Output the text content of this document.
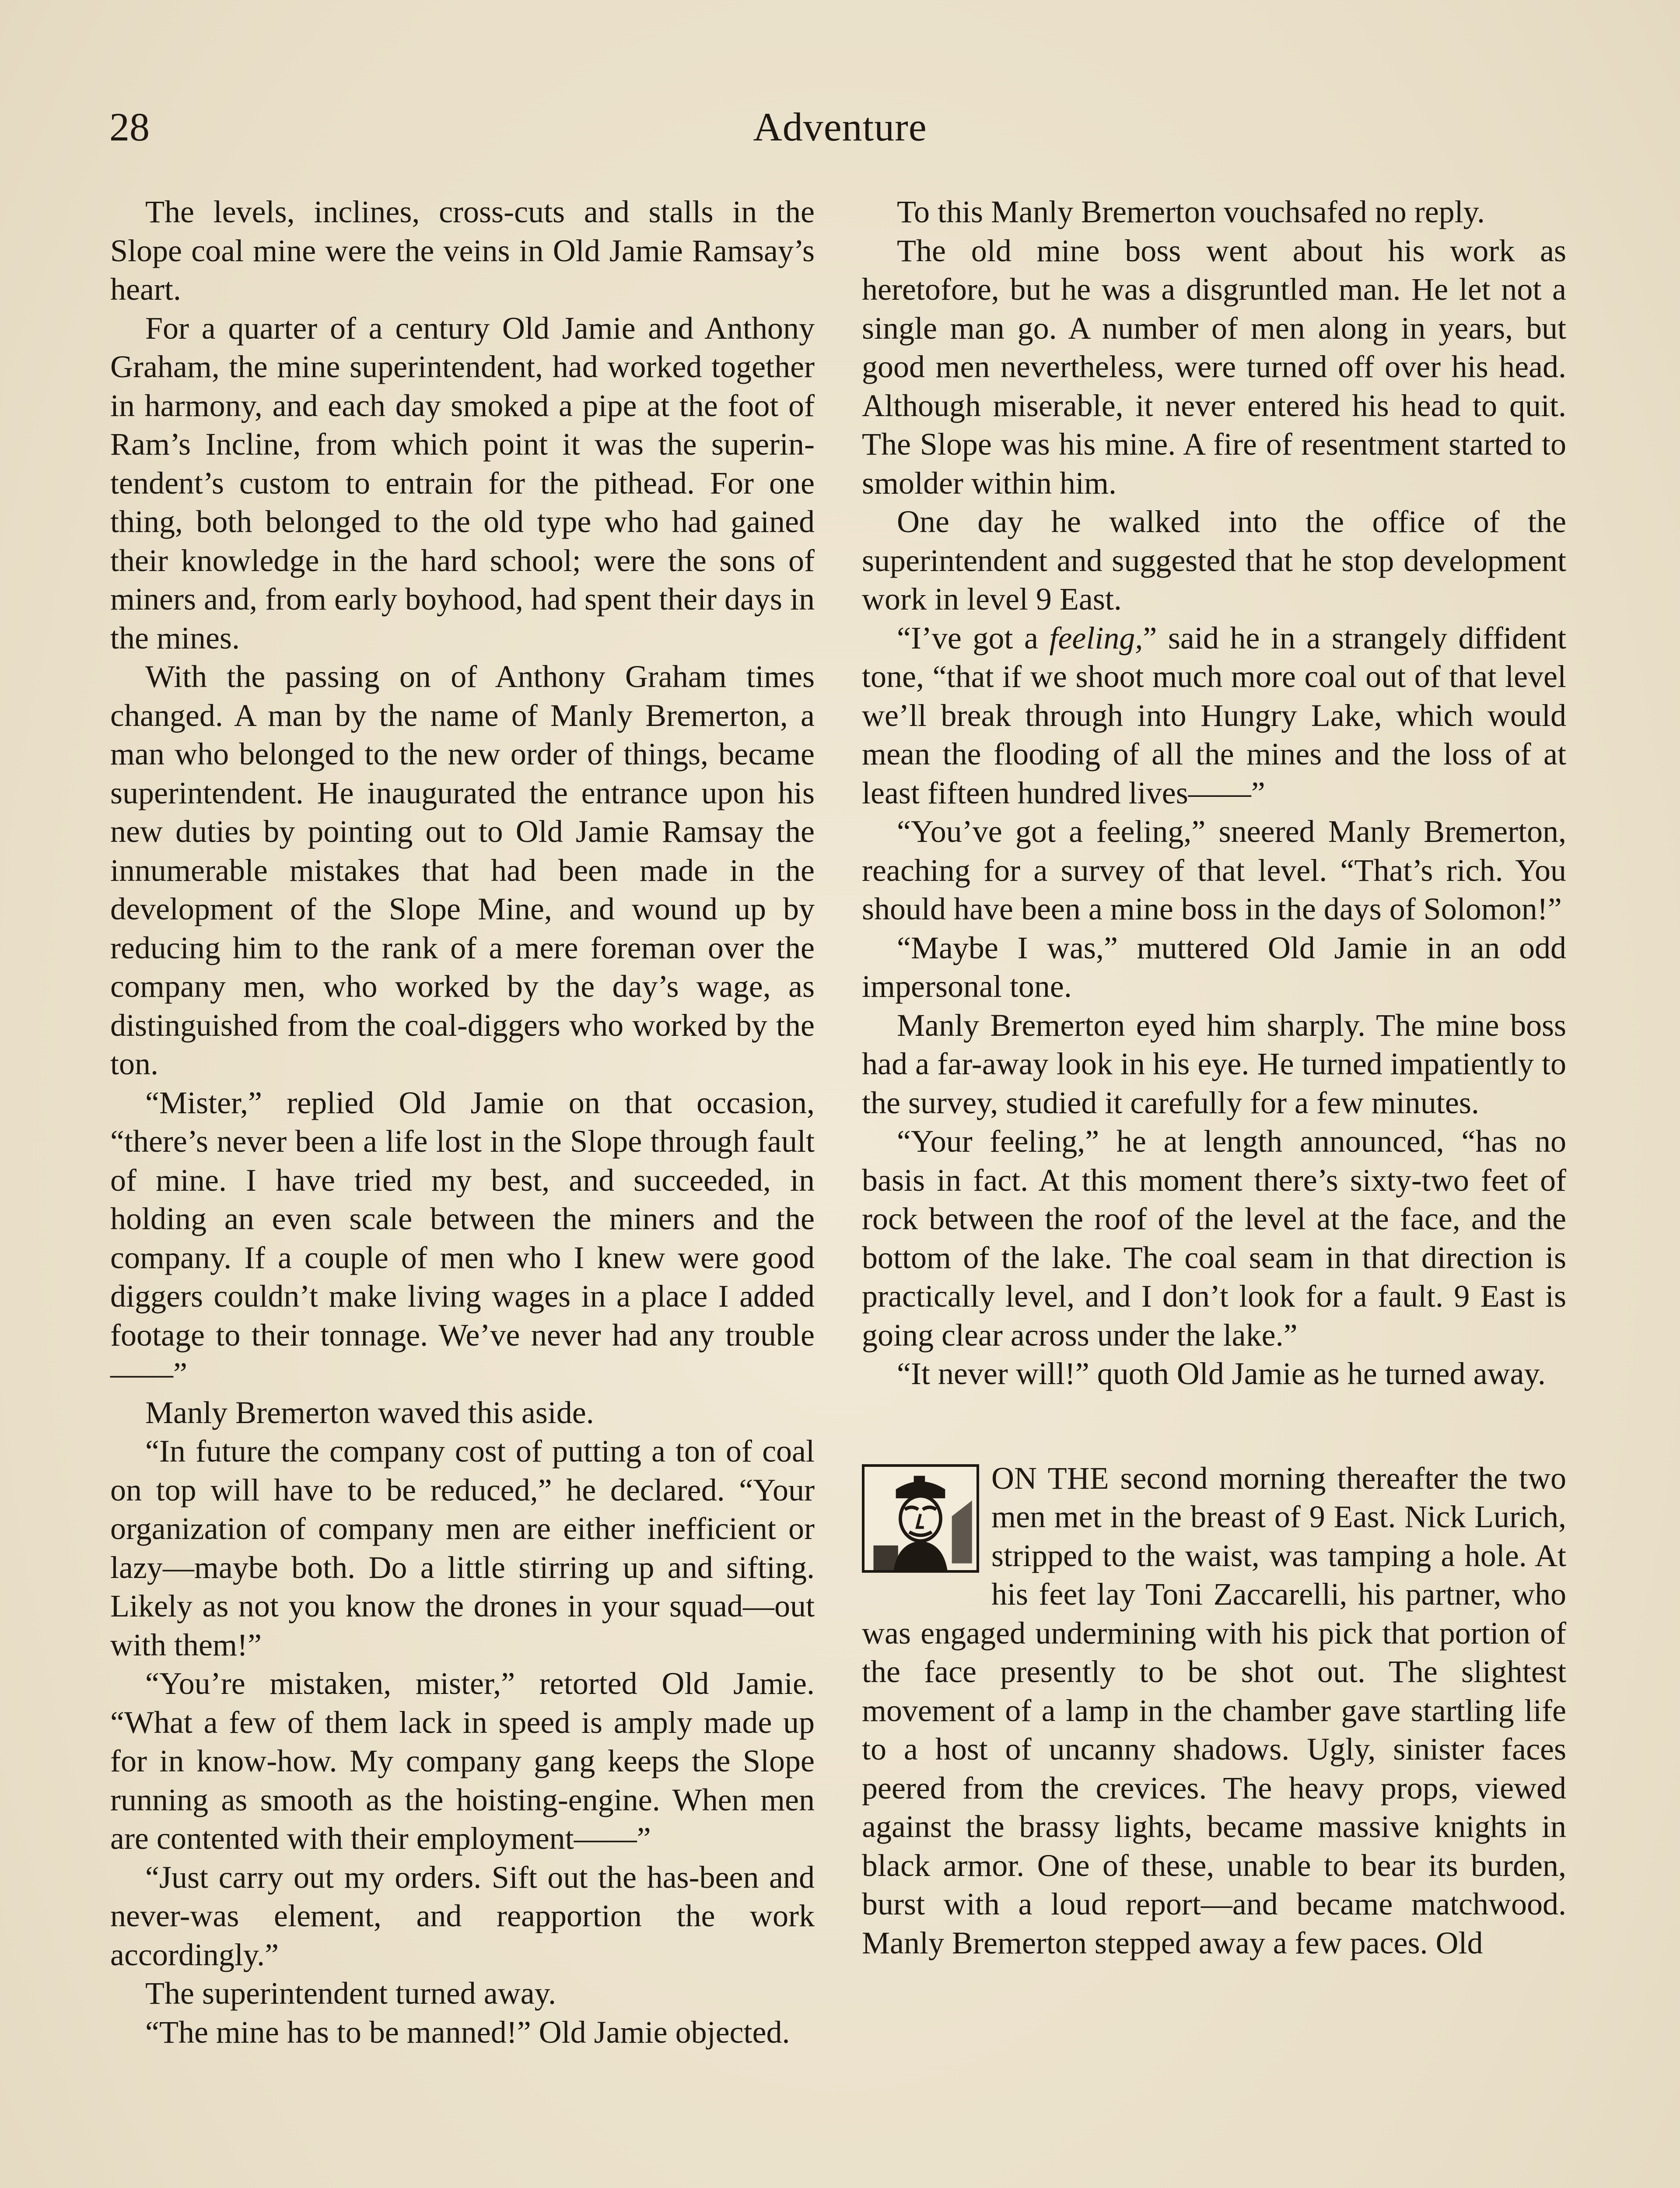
28	Adventure

The levels, inclines, cross-cuts and stalls in the Slope coal mine were the veins in Old Jamie Ramsay’s heart.

For a quarter of a century Old Jamie and Anthony Graham, the mine superintendent, had worked together in harmony, and each day smoked a pipe at the foot of Ram’s Incline, from which point it was the superintendent’s custom to entrain for the pithead. For one thing, both belonged to the old type who had gained their knowledge in the hard school; were the sons of miners and, from early boyhood, had spent their days in the mines.

With the passing on of Anthony Graham times changed. A man by the name of Manly Bremerton, a man who belonged to the new order of things, became superintendent. He inaugurated the entrance upon his new duties by pointing out to Old Jamie Ramsay the innumerable mistakes that had been made in the development of the Slope Mine, and wound up by reducing him to the rank of a mere foreman over the company men, who worked by the day’s wage, as distinguished from the coal-diggers who worked by the ton.

“Mister,” replied Old Jamie on that occasion, “there’s never been a life lost in the Slope through fault of mine. I have tried my best, and succeeded, in holding an even scale between the miners and the company. If a couple of men who I knew were good diggers couldn’t make living wages in a place I added footage to their tonnage. We’ve never had any trouble——”

Manly Bremerton waved this aside.

“In future the company cost of putting a ton of coal on top will have to be reduced,” he declared. “Your organization of company men are either inefficient or lazy—maybe both. Do a little stirring up and sifting. Likely as not you know the drones in your squad—out with them!”

“You’re mistaken, mister,” retorted Old Jamie. “What a few of them lack in speed is amply made up for in know-how. My company gang keeps the Slope running as smooth as the hoisting-engine. When men are contented with their employment——”

“Just carry out my orders. Sift out the has-been and never-was element, and reapportion the work accordingly.”

The superintendent turned away.

“The mine has to be manned!” Old Jamie objected.

To this Manly Bremerton vouchsafed no reply.

The old mine boss went about his work as heretofore, but he was a disgruntled man. He let not a single man go. A number of men along in years, but good men nevertheless, were turned off over his head. Although miserable, it never entered his head to quit. The Slope was his mine. A fire of resentment started to smolder within him.

One day he walked into the office of the superintendent and suggested that he stop development work in level 9 East.

“I’ve got a feeling,” said he in a strangely diffident tone, “that if we shoot much more coal out of that level we’ll break through into Hungry Lake, which would mean the flooding of all the mines and the loss of at least fifteen hundred lives——”

“You’ve got a feeling,” sneered Manly Bremerton, reaching for a survey of that level. “That’s rich. You should have been a mine boss in the days of Solomon!”

“Maybe I was,” muttered Old Jamie in an odd impersonal tone.

Manly Bremerton eyed him sharply. The mine boss had a far-away look in his eye. He turned impatiently to the survey, studied it carefully for a few minutes.

“Your feeling,” he at length announced, “has no basis in fact. At this moment there’s sixty-two feet of rock between the roof of the level at the face, and the bottom of the lake. The coal seam in that direction is practically level, and I don’t look for a fault. 9 East is going clear across under the lake.”

“It never will!” quoth Old Jamie as he turned away.

ON THE second morning thereafter the two men met in the breast of 9 East. Nick Lurich, stripped to the waist, was tamping a hole. At his feet lay Toni Zaccarelli, his partner, who was engaged undermining with his pick that portion of the face presently to be shot out. The slightest movement of a lamp in the chamber gave startling life to a host of uncanny shadows. Ugly, sinister faces peered from the crevices. The heavy props, viewed against the brassy lights, became massive knights in black armor. One of these, unable to bear its burden, burst with a loud report—and became matchwood. Manly Bremerton stepped away a few paces. Old
